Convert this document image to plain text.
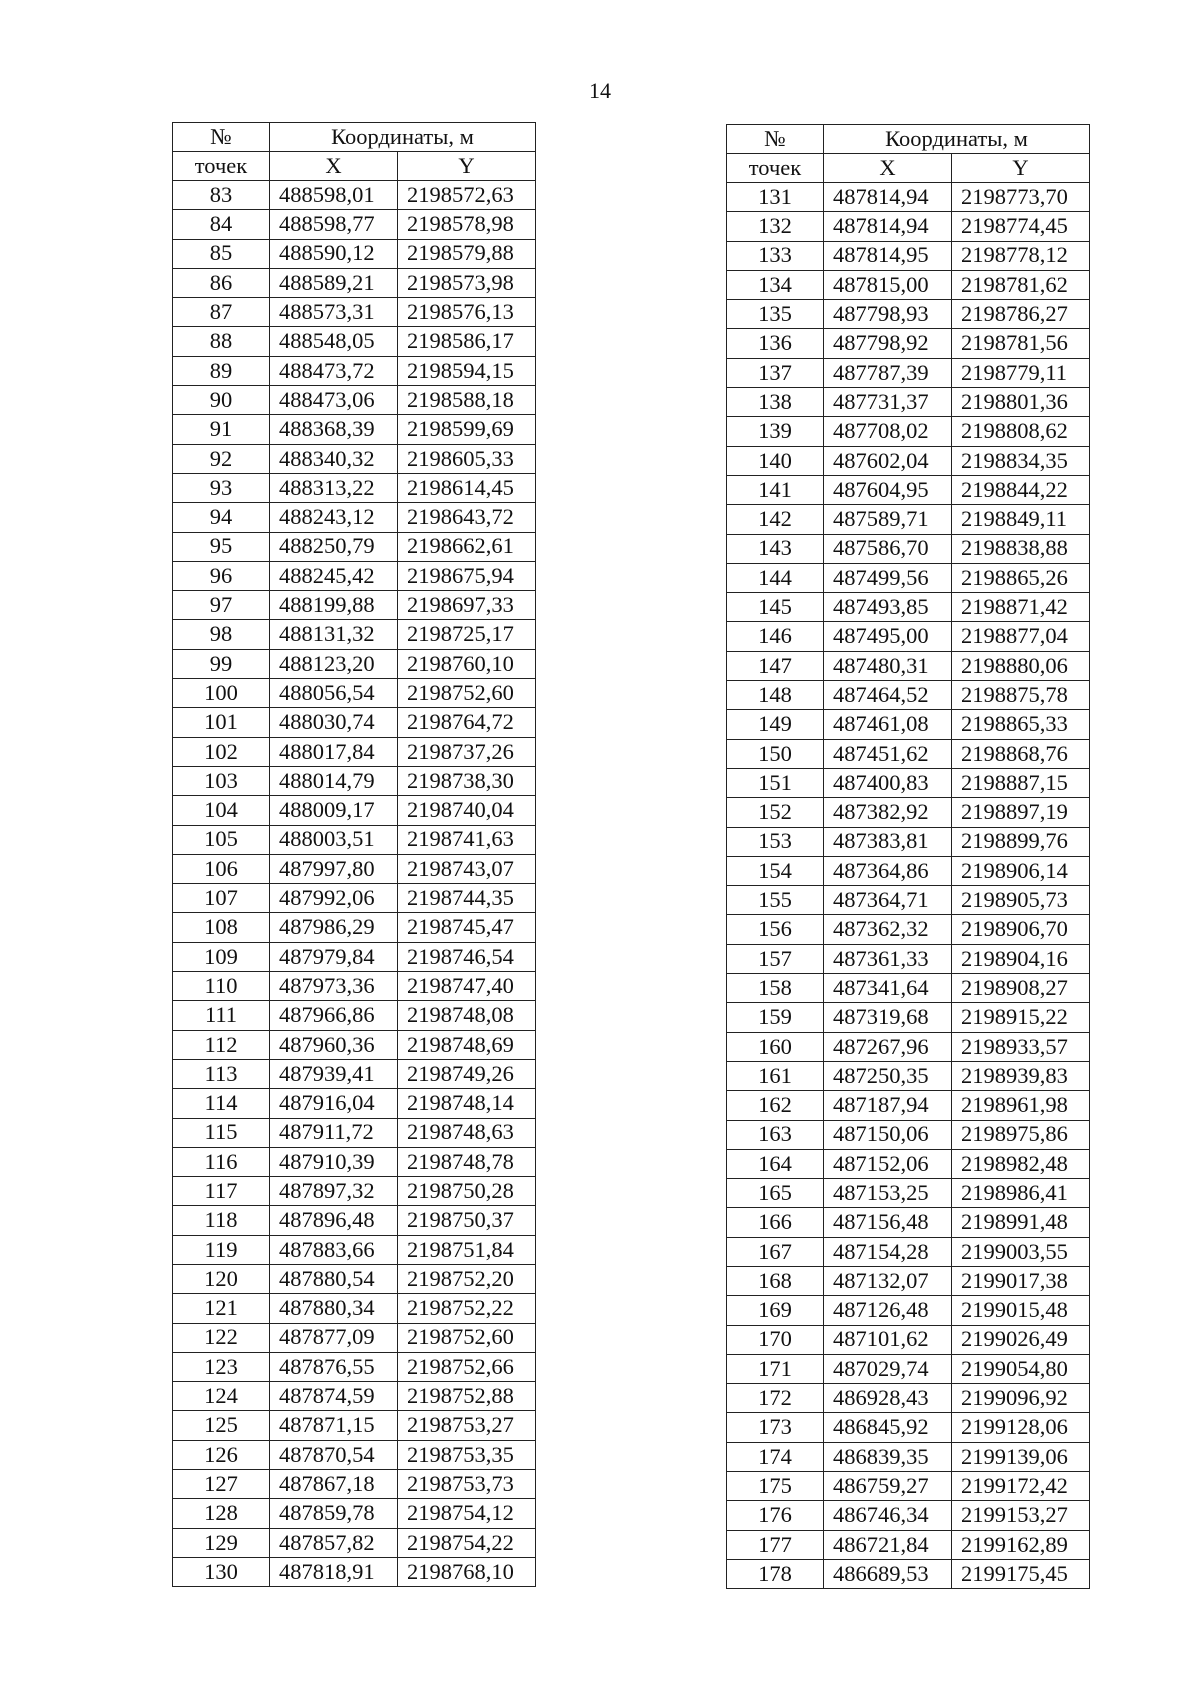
14
№	Координаты, м	
точек	X	Y
83	488598,01	2198572,63
84	488598,77	2198578,98
85	488590,12	2198579,88
86	488589,21	2198573,98
87	488573,31	2198576,13
88	488548,05	2198586,17
89	488473,72	2198594,15
90	488473,06	2198588,18
91	488368,39	2198599,69
92	488340,32	2198605,33
93	488313,22	2198614,45
94	488243,12	2198643,72
95	488250,79	2198662,61
96	488245,42	2198675,94
97	488199,88	2198697,33
98	488131,32	2198725,17
99	488123,20	2198760,10
100	488056,54	2198752,60
101	488030,74	2198764,72
102	488017,84	2198737,26
103	488014,79	2198738,30
104	488009,17	2198740,04
105	488003,51	2198741,63
106	487997,80	2198743,07
107	487992,06	2198744,35
108	487986,29	2198745,47
109	487979,84	2198746,54
110	487973,36	2198747,40
111	487966,86	2198748,08
112	487960,36	2198748,69
113	487939,41	2198749,26
114	487916,04	2198748,14
115	487911,72	2198748,63
116	487910,39	2198748,78
117	487897,32	2198750,28
118	487896,48	2198750,37
119	487883,66	2198751,84
120	487880,54	2198752,20
121	487880,34	2198752,22
122	487877,09	2198752,60
123	487876,55	2198752,66
124	487874,59	2198752,88
125	487871,15	2198753,27
126	487870,54	2198753,35
127	487867,18	2198753,73
128	487859,78	2198754,12
129	487857,82	2198754,22
130	487818,91	2198768,10
№	Координаты, м	
точек	X	Y
131	487814,94	2198773,70
132	487814,94	2198774,45
133	487814,95	2198778,12
134	487815,00	2198781,62
135	487798,93	2198786,27
136	487798,92	2198781,56
137	487787,39	2198779,11
138	487731,37	2198801,36
139	487708,02	2198808,62
140	487602,04	2198834,35
141	487604,95	2198844,22
142	487589,71	2198849,11
143	487586,70	2198838,88
144	487499,56	2198865,26
145	487493,85	2198871,42
146	487495,00	2198877,04
147	487480,31	2198880,06
148	487464,52	2198875,78
149	487461,08	2198865,33
150	487451,62	2198868,76
151	487400,83	2198887,15
152	487382,92	2198897,19
153	487383,81	2198899,76
154	487364,86	2198906,14
155	487364,71	2198905,73
156	487362,32	2198906,70
157	487361,33	2198904,16
158	487341,64	2198908,27
159	487319,68	2198915,22
160	487267,96	2198933,57
161	487250,35	2198939,83
162	487187,94	2198961,98
163	487150,06	2198975,86
164	487152,06	2198982,48
165	487153,25	2198986,41
166	487156,48	2198991,48
167	487154,28	2199003,55
168	487132,07	2199017,38
169	487126,48	2199015,48
170	487101,62	2199026,49
171	487029,74	2199054,80
172	486928,43	2199096,92
173	486845,92	2199128,06
174	486839,35	2199139,06
175	486759,27	2199172,42
176	486746,34	2199153,27
177	486721,84	2199162,89
178	486689,53	2199175,45
